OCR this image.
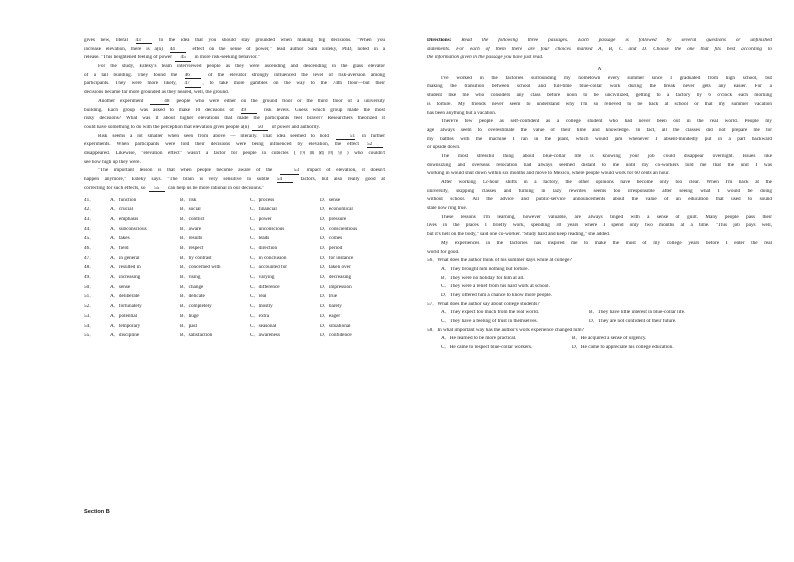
gives new, literal 43 to the idea that you should stay grounded when making big decisions. "When you
increase elevation, there is a(n) 44 effect on the sense of power," lead author Sam Esteky, PhD, noted in a
release. "This heightened feeling of power 45 in more risk-seeking behavior."
For the study, Esteky's team interviewed people as they were ascending and descending in the glass elevator
of a tall building. They found the 46 of the elevator strongly influenced the level of risk-aversion among
participants. They were more likely, 47 , to take more gambles on the way to the 74th floor—but their
decisions became far more grounded as they neared, well, the ground.
Another experiment	48 people who were either on the ground floor or the third floor of a university
building. Each group was asked to make 10 decisions of 49 risk levels. Guess which group made the most
risky decisions? What was it about higher elevations that made the participants feel braver? Researchers theorized it
could have something to do with the perception that elevation gives people a(n) 50 of power and authority.
Risk seems a lot smaller when seen from above — literally. That idea seemed to hold	51 in further
experiments. When participants were told their decisions were being influenced by elevation, the effect 52
disappeared. Likewise, "elevation effect" wasn't a factor for people in cubicles (四面隔间里) who couldn't
see how high up they were.
"The important lesson is that when people become aware of the	53 impact of elevation, it doesn't
happen anymore," Esteky says. "The brain is very sensitive to subtle 54 factors, but also really good at
correcting for such effects, so 55 can help us be more rational in our decisions."
41．	A．function	B．risk	C．process	D．sense
42．	A．crucial	B．social	C．financial	D．economical
43．	A．emphasis	B．conflict	C．power	D．pressure
44．	A．subconscious	B．aware	C．unconscious	D．conscientious
45．	A．takes	B．results	C．leads	D．comes
46．	A．field	B．respect	C．direction	D．period
47．	A．in general	B．by contrast	C．in conclusion	D．for instance
48．	A．resulted in	B．concerned with	C．accounted for	D．taken over
49．	A．increasing	B．rising	C．varying	D．decreasing
50．	A．sense	B．change	C．difference	D．impression
51．	A．deliberate	B．delicate	C．real	D．true
52．	A．fortunately	B．completely	C．mostly	D．barely
53．	A．potential	B．huge	C．extra	D．eager
54．	A．temporary	B．past	C．seasonal	D．situational
55．	A．discipline	B．satisfaction	C．awareness	D．confidence
Section B
Directions: Read the following three passages. Each passage is followed by several questions or unfinished
statements. For each of them there are four choices marked A, B, C and D. Choose the one that fits best according to
the information given in the passage you have just read.
A
I've worked in the factories surrounding my hometown every summer since I graduated from high school, but
making the transition between school and full-time blue-collar work during the break never gets any easier. For a
student like me who considers any class before noon to be uncivilized, getting to a factory by 6 o'clock each morning
is torture. My friends never seem to understand why I'm so relieved to be back at school or that my summer vacation
has been anything but a vacation.
There're few people as self-confident as a college student who had never been out in the real world. People my
age always seem to overestimate the value of their time and knowledge. In fact, all the classes did not prepare me for
my battles with the machine I ran in the plant, which would jam whenever I absent-mindedly put in a part backward
or upside down.
The most stressful thing about blue-collar life is knowing your job could disappear overnight. Issues like
downsizing and overseas relocation had always seemed distant to me until my co-workers told me that the unit I was
working in would shut down within six months and move to Mexico, where people would work for 60 cents an hour.
After working 12-hour shifts in a factory, the other opinions have become only too clear. When I'm back at the
university, skipping classes and turning in lazy rewrites seems too irresponsible after seeing what I would be doing
without school. All the advice and public-service announcements about the value of an education that used to sound
stale now ring true.
These lessons I'm learning, however valuable, are always tinged with a sense of guilt. Many people pass their
lives in the places I briefly work, spending 30 years where I spend only two months at a time. "This job pays well,
but it's hell on the body," said one co-worker. "Study hard and keep reading," she added.
My experiences in the factories has inspired me to make the most of my college years before I enter the real
world for good.
56．What does the author think of his summer days while at college?
A．They brought him nothing but torture.
B．They were no holiday for him at all.
C．They were a relief from his hard work at school.
D．They offered him a chance to know more people.
57．What does the author say about college students?
A．They expect too much from the real world.	B．They have little interest in blue-collar life.
C．They have a feeling of trust in themselves.	D．They are not confident of their future.
58．In what important way has the author's work experience changed him?
A．He learned to be more practical.	B．He acquired a sense of urgency.
C．He came to respect blue-collar workers.	D．He came to appreciate his college education.
